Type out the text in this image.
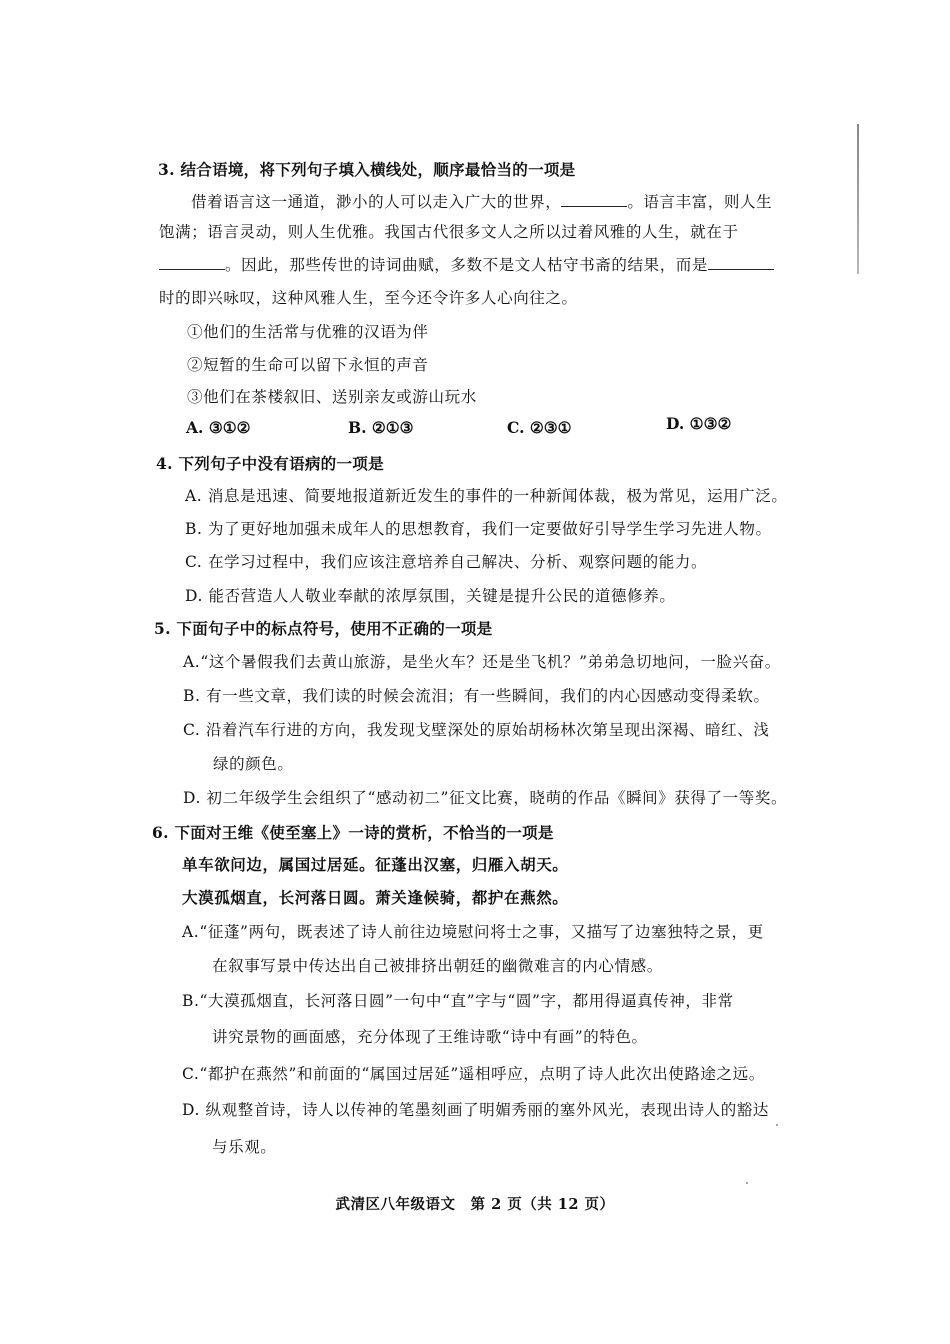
3. 结合语境，将下列句子填入横线处，顺序最恰当的一项是
借着语言这一通道，渺小的人可以走入广大的世界，	。语言丰富，则人生
饱满；语言灵动，则人生优雅。我国古代很多文人之所以过着风雅的人生，就在于
。因此，那些传世的诗词曲赋，多数不是文人枯守书斋的结果，而是
时的即兴咏叹，这种风雅人生，至今还令许多人心向往之。
①他们的生活常与优雅的汉语为伴
②短暂的生命可以留下永恒的声音
③他们在茶楼叙旧、送别亲友或游山玩水
A. ③①②	B. ②①③	C. ②③①	D. ①③②
4. 下列句子中没有语病的一项是
A. 消息是迅速、简要地报道新近发生的事件的一种新闻体裁，极为常见，运用广泛。
B. 为了更好地加强未成年人的思想教育，我们一定要做好引导学生学习先进人物。
C. 在学习过程中，我们应该注意培养自己解决、分析、观察问题的能力。
D. 能否营造人人敬业奉献的浓厚氛围，关键是提升公民的道德修养。
5. 下面句子中的标点符号，使用不正确的一项是
A.“这个暑假我们去黄山旅游，是坐火车？还是坐飞机？”弟弟急切地问，一脸兴奋。
B. 有一些文章，我们读的时候会流泪；有一些瞬间，我们的内心因感动变得柔软。
C. 沿着汽车行进的方向，我发现戈壁深处的原始胡杨林次第呈现出深褐、暗红、浅
绿的颜色。
D. 初二年级学生会组织了“感动初二”征文比赛，晓萌的作品《瞬间》获得了一等奖。
6. 下面对王维《使至塞上》一诗的赏析，不恰当的一项是
单车欲问边，属国过居延。征蓬出汉塞，归雁入胡天。
大漠孤烟直，长河落日圆。萧关逢候骑，都护在燕然。
A.“征蓬”两句，既表述了诗人前往边境慰问将士之事，又描写了边塞独特之景，更
在叙事写景中传达出自己被排挤出朝廷的幽微难言的内心情感。
B.“大漠孤烟直，长河落日圆”一句中“直”字与“圆”字，都用得逼真传神，非常
讲究景物的画面感，充分体现了王维诗歌“诗中有画”的特色。
C.“都护在燕然”和前面的“属国过居延”遥相呼应，点明了诗人此次出使路途之远。
D. 纵观整首诗，诗人以传神的笔墨刻画了明媚秀丽的塞外风光，表现出诗人的豁达
与乐观。
武清区八年级语文　第 2 页（共 12 页）
